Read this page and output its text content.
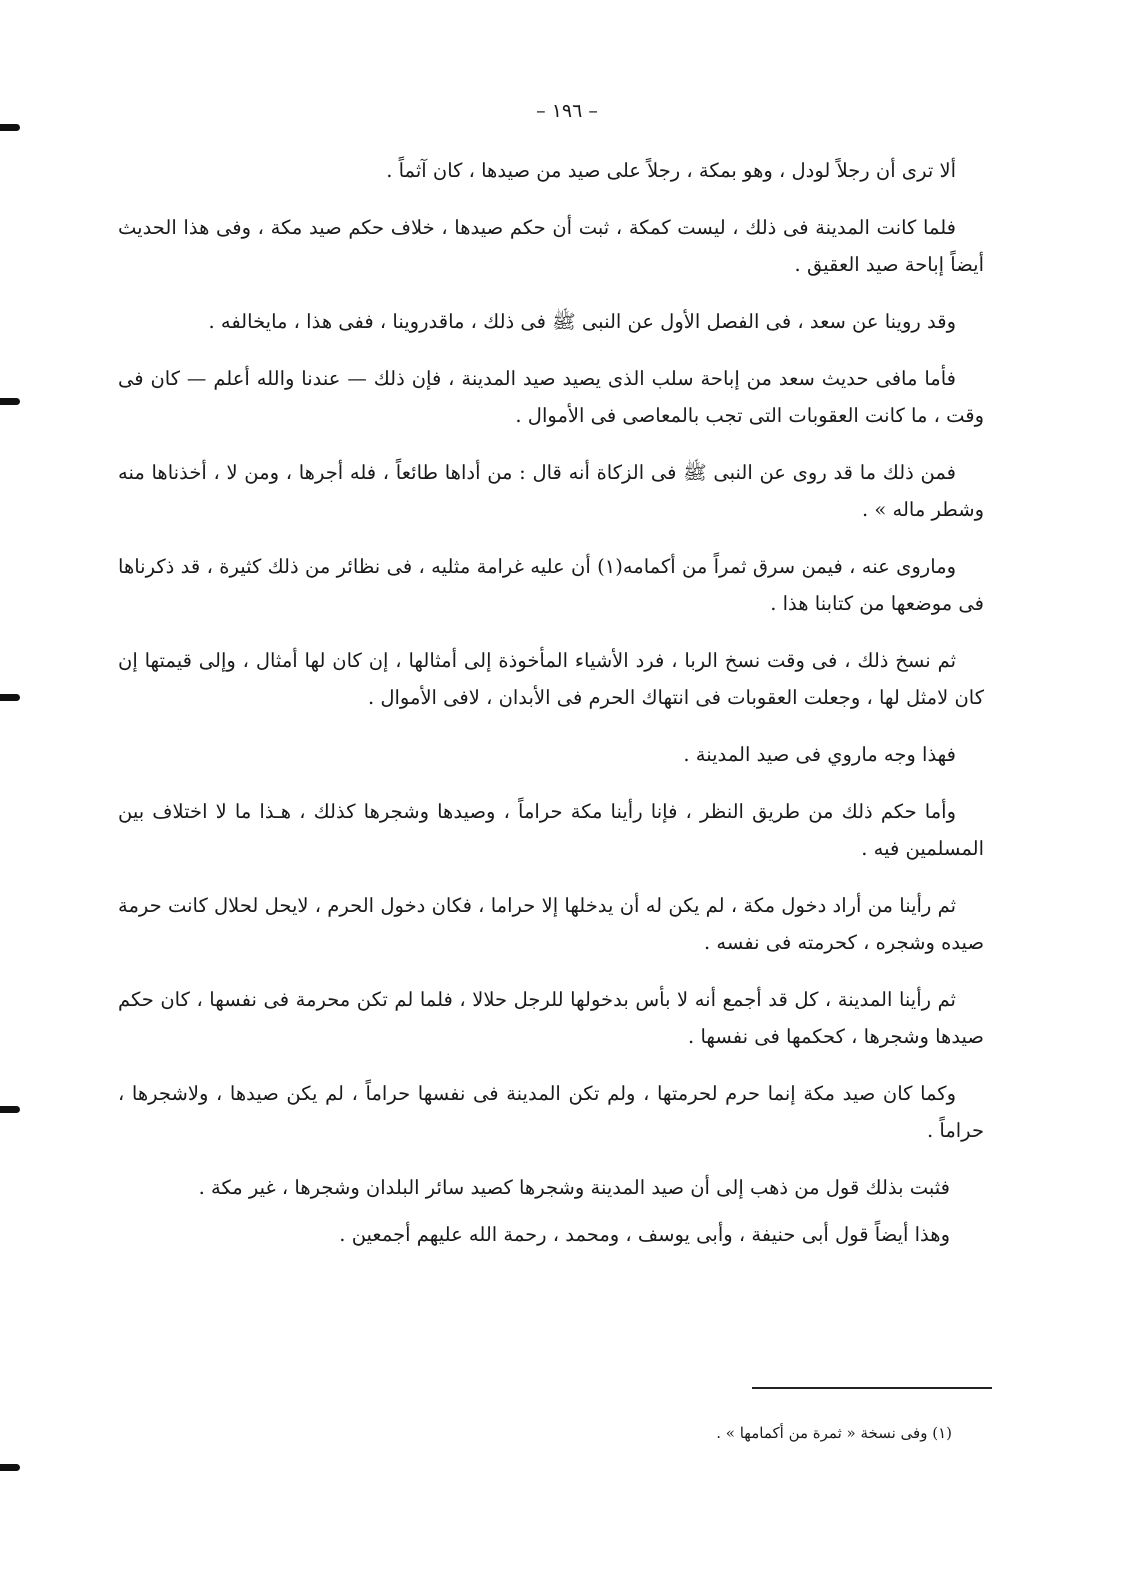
– ١٩٦ –

ألا ترى أن رجلاً لودل ، وهو بمكة ، رجلاً على صيد من صيدها ، كان آثماً .

فلما كانت المدينة فى ذلك ، ليست كمكة ، ثبت أن حكم صيدها ، خلاف حكم صيد مكة ، وفى هذا الحديث أيضاً إباحة صيد العقيق .

وقد روينا عن سعد ، فى الفصل الأول عن النبى ﷺ فى ذلك ، ماقدروينا ، ففى هذا ، مايخالفه .

فأما مافى حديث سعد من إباحة سلب الذى يصيد صيد المدينة ، فإن ذلك — عندنا والله أعلم — كان فى وقت ، ما كانت العقوبات التى تجب بالمعاصى فى الأموال .

فمن ذلك ما قد روى عن النبى ﷺ فى الزكاة أنه قال : من أداها طائعاً ، فله أجرها ، ومن لا ، أخذناها منه وشطر ماله » .

وماروى عنه ، فيمن سرق ثمراً من أكمامه(١) أن عليه غرامة مثليه ، فى نظائر من ذلك كثيرة ، قد ذكرناها فى موضعها من كتابنا هذا .

ثم نسخ ذلك ، فى وقت نسخ الربا ، فرد الأشياء المأخوذة إلى أمثالها ، إن كان لها أمثال ، وإلى قيمتها إن كان لامثل لها ، وجعلت العقوبات فى انتهاك الحرم فى الأبدان ، لافى الأموال .

فهذا وجه ماروي فى صيد المدينة .

وأما حكم ذلك من طريق النظر ، فإنا رأينا مكة حراماً ، وصيدها وشجرها كذلك ، هـذا ما لا اختلاف بين المسلمين فيه .

ثم رأينا من أراد دخول مكة ، لم يكن له أن يدخلها إلا حراما ، فكان دخول الحرم ، لايحل لحلال كانت حرمة صيده وشجره ، كحرمته فى نفسه .

ثم رأينا المدينة ، كل قد أجمع أنه لا بأس بدخولها للرجل حلالا ، فلما لم تكن محرمة فى نفسها ، كان حكم صيدها وشجرها ، كحكمها فى نفسها .

وكما كان صيد مكة إنما حرم لحرمتها ، ولم تكن المدينة فى نفسها حراماً ، لم يكن صيدها ، ولاشجرها ، حراماً .

فثبت بذلك قول من ذهب إلى أن صيد المدينة وشجرها كصيد سائر البلدان وشجرها ، غير مكة .

وهذا أيضاً قول أبى حنيفة ، وأبى يوسف ، ومحمد ، رحمة الله عليهم أجمعين .

(١) وفى نسخة « ثمرة من أكمامها » .
